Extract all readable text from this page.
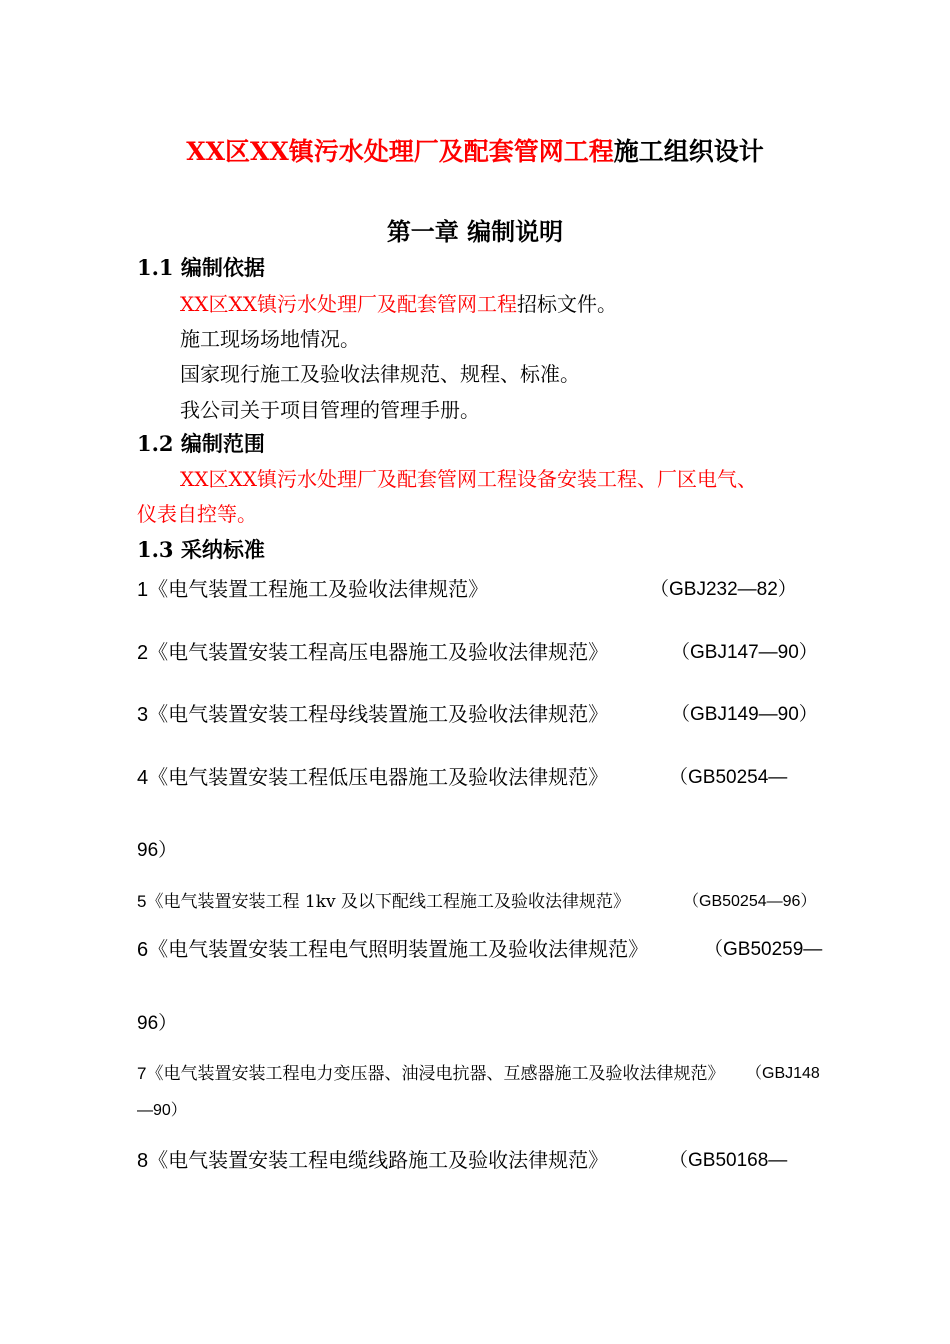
XX区XX镇污水处理厂及配套管网工程施工组织设计
第一章 编制说明
1.1 编制依据
XX区XX镇污水处理厂及配套管网工程招标文件。
施工现场场地情况。
国家现行施工及验收法律规范、规程、标准。
我公司关于项目管理的管理手册。
1.2 编制范围
XX区XX镇污水处理厂及配套管网工程设备安装工程、厂区电气、
仪表自控等。
1.3 采纳标准
1《电气装置工程施工及验收法律规范》	（GBJ232—82）
2《电气装置安装工程高压电器施工及验收法律规范》	（GBJ147—90）
3《电气装置安装工程母线装置施工及验收法律规范》	（GBJ149—90）
4《电气装置安装工程低压电器施工及验收法律规范》	（GB50254—
96）
5《电气装置安装工程 1kv 及以下配线工程施工及验收法律规范》	（GB50254—96）
6《电气装置安装工程电气照明装置施工及验收法律规范》	（GB50259—
96）
7《电气装置安装工程电力变压器、油浸电抗器、互感器施工及验收法律规范》 （GBJ148
—90）
8《电气装置安装工程电缆线路施工及验收法律规范》	（GB50168—
